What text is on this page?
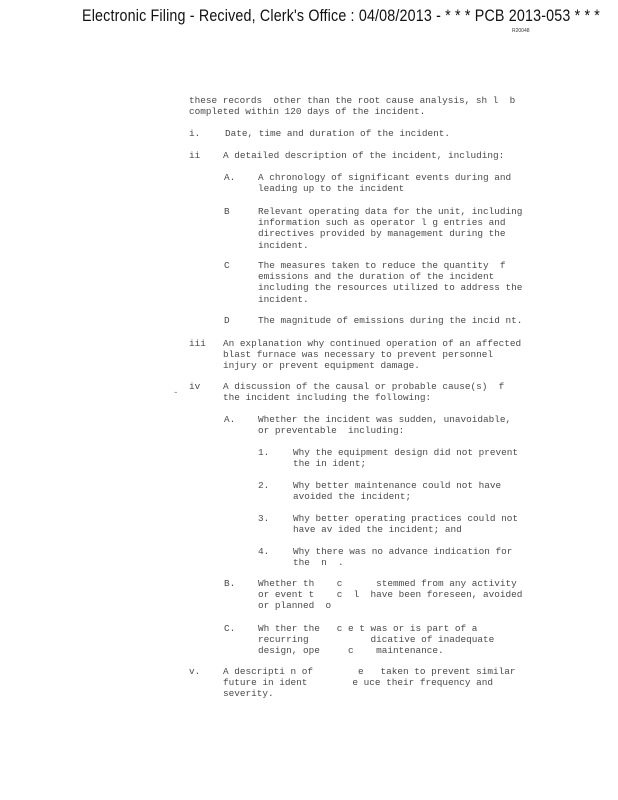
Electronic Filing - Recived, Clerk's Office : 04/08/2013 - * * * PCB 2013-053 * * *
R20048
these records  other than the root cause analysis, sh l  b
completed within 120 days of the incident.
i.	Date, time and duration of the incident.
ii A detailed description of the incident, including:
A. A chronology of significant events during and
leading up to the incident
B	Relevant operating data for the unit, including
information such as operator l g entries and
directives provided by management during the
incident.
C	The measures taken to reduce the quantity  f
emissions and the duration of the incident
including the resources utilized to address the
incident.
D	The magnitude of emissions during the incid nt.
iii An explanation why continued operation of an affected
blast furnace was necessary to prevent personnel
injury or prevent equipment damage.
-
iv A discussion of the causal or probable cause(s)  f
the incident including the following:
A. Whether the incident was sudden, unavoidable,
or preventable  including:
1.	Why the equipment design did not prevent
the in ident;
2.	Why better maintenance could not have
avoided the incident;
3.	Why better operating practices could not
have av ided the incident; and
4.	Why there was no advance indication for
the  n  .
B. Whether th    c      stemmed from any activity
or event t    c  l  have been foreseen, avoided
or planned  o
C. Wh ther the   c e t was or is part of a
recurring           dicative of inadequate
design, ope     c    maintenance.
v. A descripti n of        e   taken to prevent similar
future in ident        e uce their frequency and
severity.
